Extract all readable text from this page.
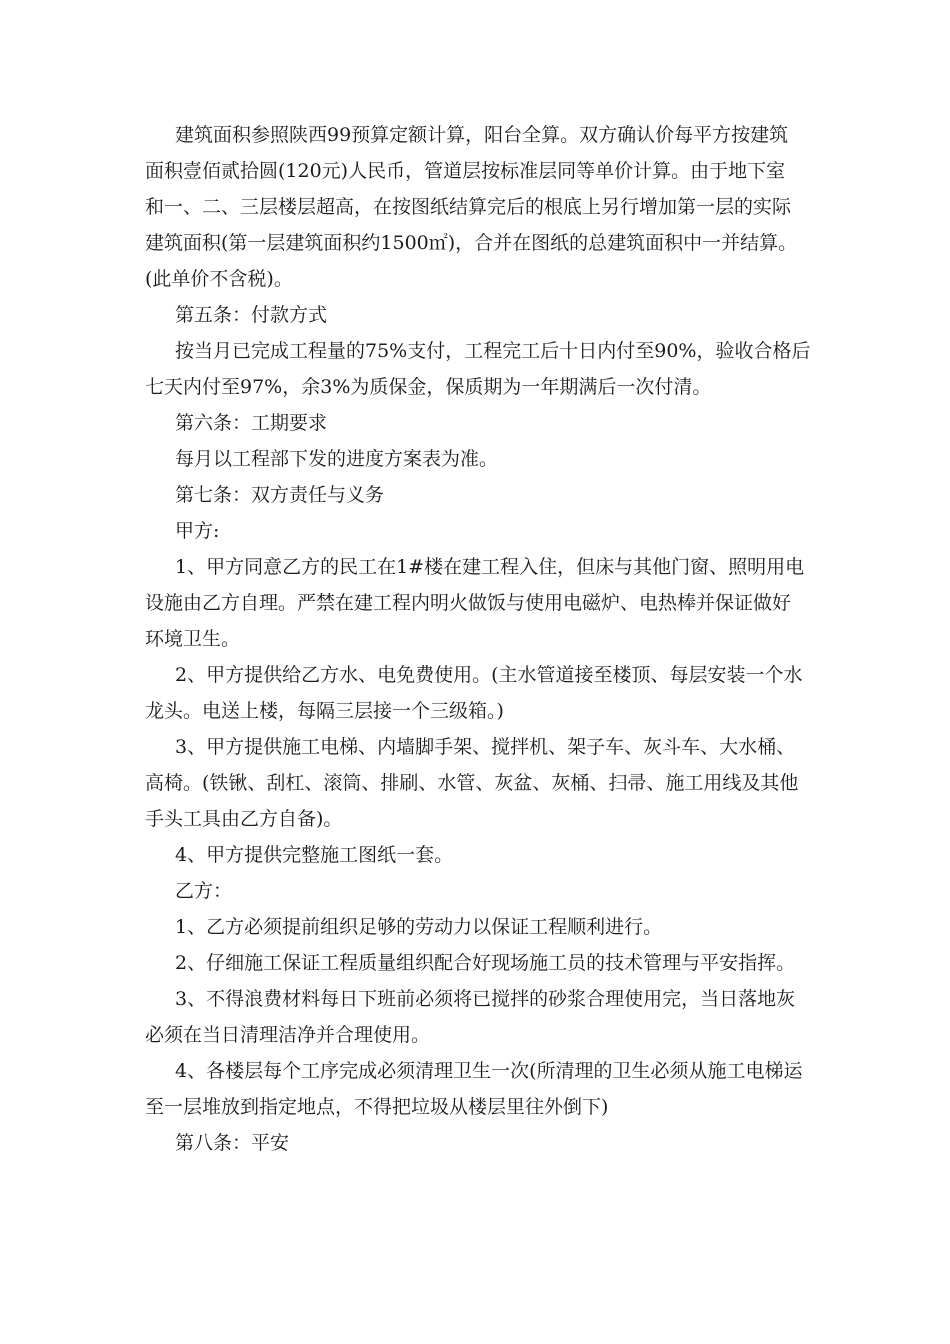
建筑面积参照陕西99预算定额计算，阳台全算。双方确认价每平方按建筑
面积壹佰贰拾圆(120元)人民币，管道层按标准层同等单价计算。由于地下室
和一、二、三层楼层超高，在按图纸结算完后的根底上另行增加第一层的实际
建筑面积(第一层建筑面积约1500㎡)，合并在图纸的总建筑面积中一并结算。
(此单价不含税)。
第五条：付款方式
按当月已完成工程量的75%支付，工程完工后十日内付至90%，验收合格后
七天内付至97%，余3%为质保金，保质期为一年期满后一次付清。
第六条：工期要求
每月以工程部下发的进度方案表为准。
第七条：双方责任与义务
甲方:
1、甲方同意乙方的民工在1#楼在建工程入住，但床与其他门窗、照明用电
设施由乙方自理。严禁在建工程内明火做饭与使用电磁炉、电热棒并保证做好
环境卫生。
2、甲方提供给乙方水、电免费使用。(主水管道接至楼顶、每层安装一个水
龙头。电送上楼，每隔三层接一个三级箱。)
3、甲方提供施工电梯、内墙脚手架、搅拌机、架子车、灰斗车、大水桶、
高椅。(铁锹、刮杠、滚筒、排刷、水管、灰盆、灰桶、扫帚、施工用线及其他
手头工具由乙方自备)。
4、甲方提供完整施工图纸一套。
乙方：
1、乙方必须提前组织足够的劳动力以保证工程顺利进行。
2、仔细施工保证工程质量组织配合好现场施工员的技术管理与平安指挥。
3、不得浪费材料每日下班前必须将已搅拌的砂浆合理使用完，当日落地灰
必须在当日清理洁净并合理使用。
4、各楼层每个工序完成必须清理卫生一次(所清理的卫生必须从施工电梯运
至一层堆放到指定地点，不得把垃圾从楼层里往外倒下)
第八条：平安
